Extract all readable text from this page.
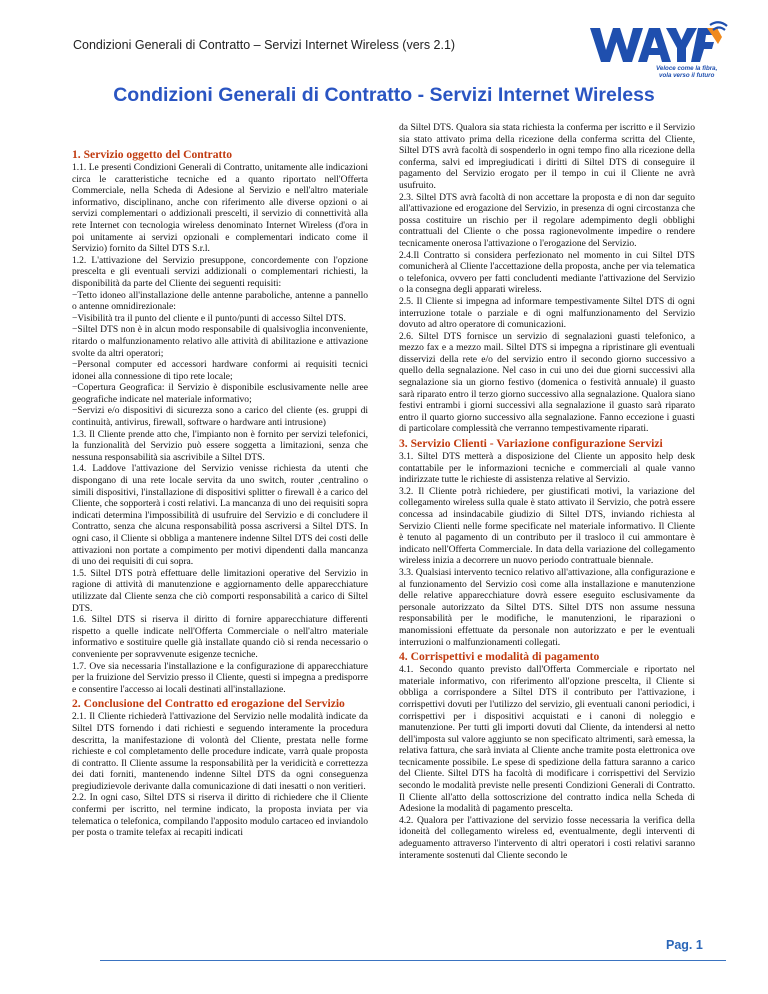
Condizioni Generali di Contratto – Servizi Internet Wireless (vers 2.1)
Veloce come la fibra,
vola verso il futuro
Condizioni Generali di Contratto - Servizi Internet Wireless
1. Servizio oggetto del Contratto

1.1. Le presenti Condizioni Generali di Contratto, unitamente alle indicazioni circa le caratteristiche tecniche ed a quanto riportato nell'Offerta Commerciale, nella Scheda di Adesione al Servizio e nell'altro materiale informativo, disciplinano, anche con riferimento alle diverse opzioni o ai servizi complementari o addizionali prescelti, il servizio di connettività alla rete Internet con tecnologia wireless denominato Internet Wireless (d'ora in poi unitamente ai servizi opzionali e complementari indicato come il Servizio) fornito da Siltel DTS S.r.l.

1.2. L'attivazione del Servizio presuppone, concordemente con l'opzione prescelta e gli eventuali servizi addizionali o complementari richiesti, la disponibilità da parte del Cliente dei seguenti requisiti:

−Tetto idoneo all'installazione delle antenne paraboliche, antenne a pannello o antenne omnidirezionale:

−Visibilità tra il punto del cliente e il punto/punti di accesso Siltel DTS.

−Siltel DTS non è in alcun modo responsabile di qualsivoglia inconveniente, ritardo o malfunzionamento relativo alle attività di abilitazione e attivazione svolte da altri operatori;

−Personal computer ed accessori hardware conformi ai requisiti tecnici idonei alla connessione di tipo rete locale;

−Copertura Geografica: il Servizio è disponibile esclusivamente nelle aree geografiche indicate nel materiale informativo;

−Servizi e/o dispositivi di sicurezza sono a carico del cliente (es. gruppi di continuità, antivirus, firewall, software o hardware anti intrusione)

1.3. Il Cliente prende atto che, l'impianto non è fornito per servizi telefonici, la funzionalità del Servizio può essere soggetta a limitazioni, senza che nessuna responsabilità sia ascrivibile a Siltel DTS.

1.4. Laddove l'attivazione del Servizio venisse richiesta da utenti che dispongano di una rete locale servita da uno switch, router ,centralino o simili dispositivi, l'installazione di dispositivi splitter o firewall è a carico del Cliente, che sopporterà i costi relativi. La mancanza di uno dei requisiti sopra indicati determina l'impossibilità di usufruire del Servizio e di concludere il Contratto, senza che alcuna responsabilità possa ascriversi a Siltel DTS. In ogni caso, il Cliente si obbliga a mantenere indenne Siltel DTS dei costi delle attivazioni non portate a compimento per motivi dipendenti dalla mancanza di uno dei requisiti di cui sopra.

1.5. Siltel DTS potrà effettuare delle limitazioni operative del Servizio in ragione di attività di manutenzione e aggiornamento delle apparecchiature utilizzate dal Cliente senza che ciò comporti responsabilità a carico di Siltel DTS.

1.6. Siltel DTS si riserva il diritto di fornire apparecchiature differenti rispetto a quelle indicate nell'Offerta Commerciale o nell'altro materiale informativo e sostituire quelle già installate quando ciò si renda necessario o conveniente per sopravvenute esigenze tecniche.

1.7. Ove sia necessaria l'installazione e la configurazione di apparecchiature per la fruizione del Servizio presso il Cliente, questi si impegna a predisporre e consentire l'accesso ai locali destinati all'installazione.

2. Conclusione del Contratto ed erogazione del Servizio

2.1. Il Cliente richiederà l'attivazione del Servizio nelle modalità indicate da Siltel DTS fornendo i dati richiesti e seguendo interamente la procedura descritta, la manifestazione di volontà del Cliente, prestata nelle forme richieste e col completamento delle procedure indicate, varrà quale proposta di contratto. Il Cliente assume la responsabilità per la veridicità e correttezza dei dati forniti, mantenendo indenne Siltel DTS da ogni conseguenza pregiudizievole derivante dalla comunicazione di dati inesatti o non veritieri.

2.2. In ogni caso, Siltel DTS si riserva il diritto di richiedere che il Cliente confermi per iscritto, nel termine indicato, la proposta inviata per via telematica o telefonica, compilando l'apposito modulo cartaceo ed inviandolo per posta o tramite telefax ai recapiti indicati

da Siltel DTS. Qualora sia stata richiesta la conferma per iscritto e il Servizio sia stato attivato prima della ricezione della conferma scritta del Cliente, Siltel DTS avrà facoltà di sospenderlo in ogni tempo fino alla ricezione della conferma, salvi ed impregiudicati i diritti di Siltel DTS di conseguire il pagamento del Servizio erogato per il tempo in cui il Cliente ne avrà usufruito.

2.3. Siltel DTS avrà facoltà di non accettare la proposta e di non dar seguito all'attivazione ed erogazione del Servizio, in presenza di ogni circostanza che possa costituire un rischio per il regolare adempimento degli obblighi contrattuali del Cliente o che possa ragionevolmente impedire o rendere tecnicamente onerosa l'attivazione o l'erogazione del Servizio.

2.4.Il Contratto si considera perfezionato nel momento in cui Siltel DTS comunicherà al Cliente l'accettazione della proposta, anche per via telematica o telefonica, ovvero per fatti concludenti mediante l'attivazione del Servizio o la consegna degli apparati wireless.

2.5. Il Cliente si impegna ad informare tempestivamente Siltel DTS di ogni interruzione totale o parziale e di ogni malfunzionamento del Servizio dovuto ad altro operatore di comunicazioni.

2.6. Siltel DTS fornisce un servizio di segnalazioni guasti telefonico, a mezzo fax e a mezzo mail. Siltel DTS si impegna a ripristinare gli eventuali disservizi della rete e/o del servizio entro il secondo giorno successivo a quello della segnalazione. Nel caso in cui uno dei due giorni successivi alla segnalazione sia un giorno festivo (domenica o festività annuale) il guasto sarà riparato entro il terzo giorno successivo alla segnalazione. Qualora siano festivi entrambi i giorni successivi alla segnalazione il guasto sarà riparato entro il quarto giorno successivo alla segnalazione. Fanno eccezione i guasti di particolare complessità che verranno tempestivamente riparati.

3. Servizio Clienti - Variazione configurazione Servizi

3.1. Siltel DTS metterà a disposizione del Cliente un apposito help desk contattabile per le informazioni tecniche e commerciali al quale vanno indirizzate tutte le richieste di assistenza relative al Servizio.

3.2. Il Cliente potrà richiedere, per giustificati motivi, la variazione del collegamento wireless sulla quale è stato attivato il Servizio, che potrà essere concessa ad insindacabile giudizio di Siltel DTS, inviando richiesta al Servizio Clienti nelle forme specificate nel materiale informativo. Il Cliente è tenuto al pagamento di un contributo per il trasloco il cui ammontare è indicato nell'Offerta Commerciale. In data della variazione del collegamento wireless inizia a decorrere un nuovo periodo contrattuale biennale.

3.3. Qualsiasi intervento tecnico relativo all'attivazione, alla configurazione e al funzionamento del Servizio così come alla installazione e manutenzione delle relative apparecchiature dovrà essere eseguito esclusivamente da personale autorizzato da Siltel DTS. Siltel DTS non assume nessuna responsabilità per le modifiche, le manutenzioni, le riparazioni o manomissioni effettuate da personale non autorizzato e per le eventuali interruzioni o malfunzionamenti collegati.

4. Corrispettivi e modalità di pagamento

4.1. Secondo quanto previsto dall'Offerta Commerciale e riportato nel materiale informativo, con riferimento all'opzione prescelta, il Cliente si obbliga a corrispondere a Siltel DTS il contributo per l'attivazione, i corrispettivi dovuti per l'utilizzo del servizio, gli eventuali canoni periodici, i corrispettivi per i dispositivi acquistati e i canoni di noleggio e manutenzione. Per tutti gli importi dovuti dal Cliente, da intendersi al netto dell'imposta sul valore aggiunto se non specificato altrimenti, sarà emessa, la relativa fattura, che sarà inviata al Cliente anche tramite posta elettronica ove tecnicamente possibile. Le spese di spedizione della fattura saranno a carico del Cliente. Siltel DTS ha facoltà di modificare i corrispettivi del Servizio secondo le modalità previste nelle presenti Condizioni Generali di Contratto. Il Cliente all'atto della sottoscrizione del contratto indica nella Scheda di Adesione la modalità di pagamento prescelta.

4.2. Qualora per l'attivazione del servizio fosse necessaria la verifica della idoneità del collegamento wireless ed, eventualmente, degli interventi di adeguamento attraverso l'intervento di altri operatori i costi relativi saranno interamente sostenuti dal Cliente secondo le

Pag. 1
